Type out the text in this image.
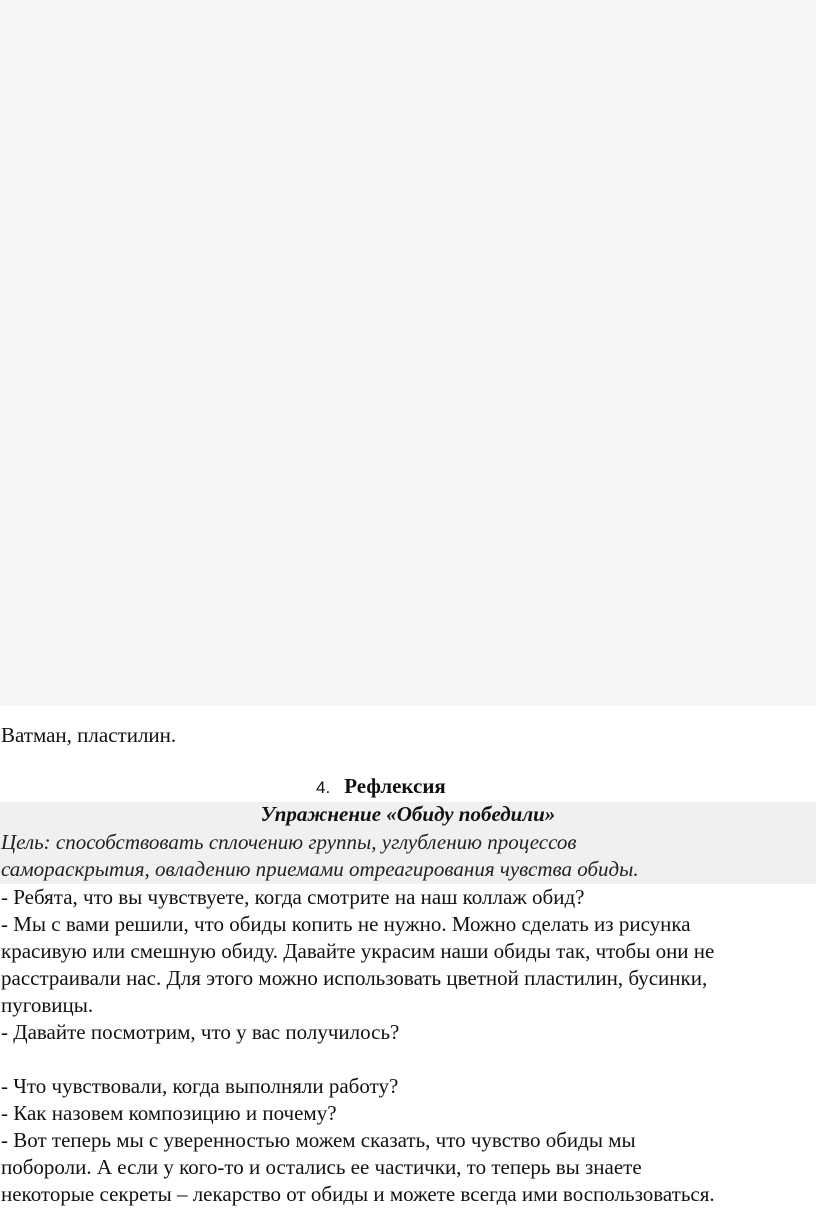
Ватман, пластилин.
4. Рефлексия
Упражнение «Обиду победили»
Цель: способствовать сплочению группы, углублению процессов
самораскрытия, овладению приемами отреагирования чувства обиды.
- Ребята, что вы чувствуете, когда смотрите на наш коллаж обид?
- Мы с вами решили, что обиды копить не нужно. Можно сделать из рисунка
красивую или смешную обиду. Давайте украсим наши обиды так, чтобы они не
расстраивали нас. Для этого можно использовать цветной пластилин, бусинки,
пуговицы.
- Давайте посмотрим, что у вас получилось?
- Что чувствовали, когда выполняли работу?
- Как назовем композицию и почему?
- Вот теперь мы с уверенностью можем сказать, что чувство обиды мы
побороли. А если у кого-то и остались ее частички, то теперь вы знаете
некоторые секреты – лекарство от обиды и можете всегда ими воспользоваться.
